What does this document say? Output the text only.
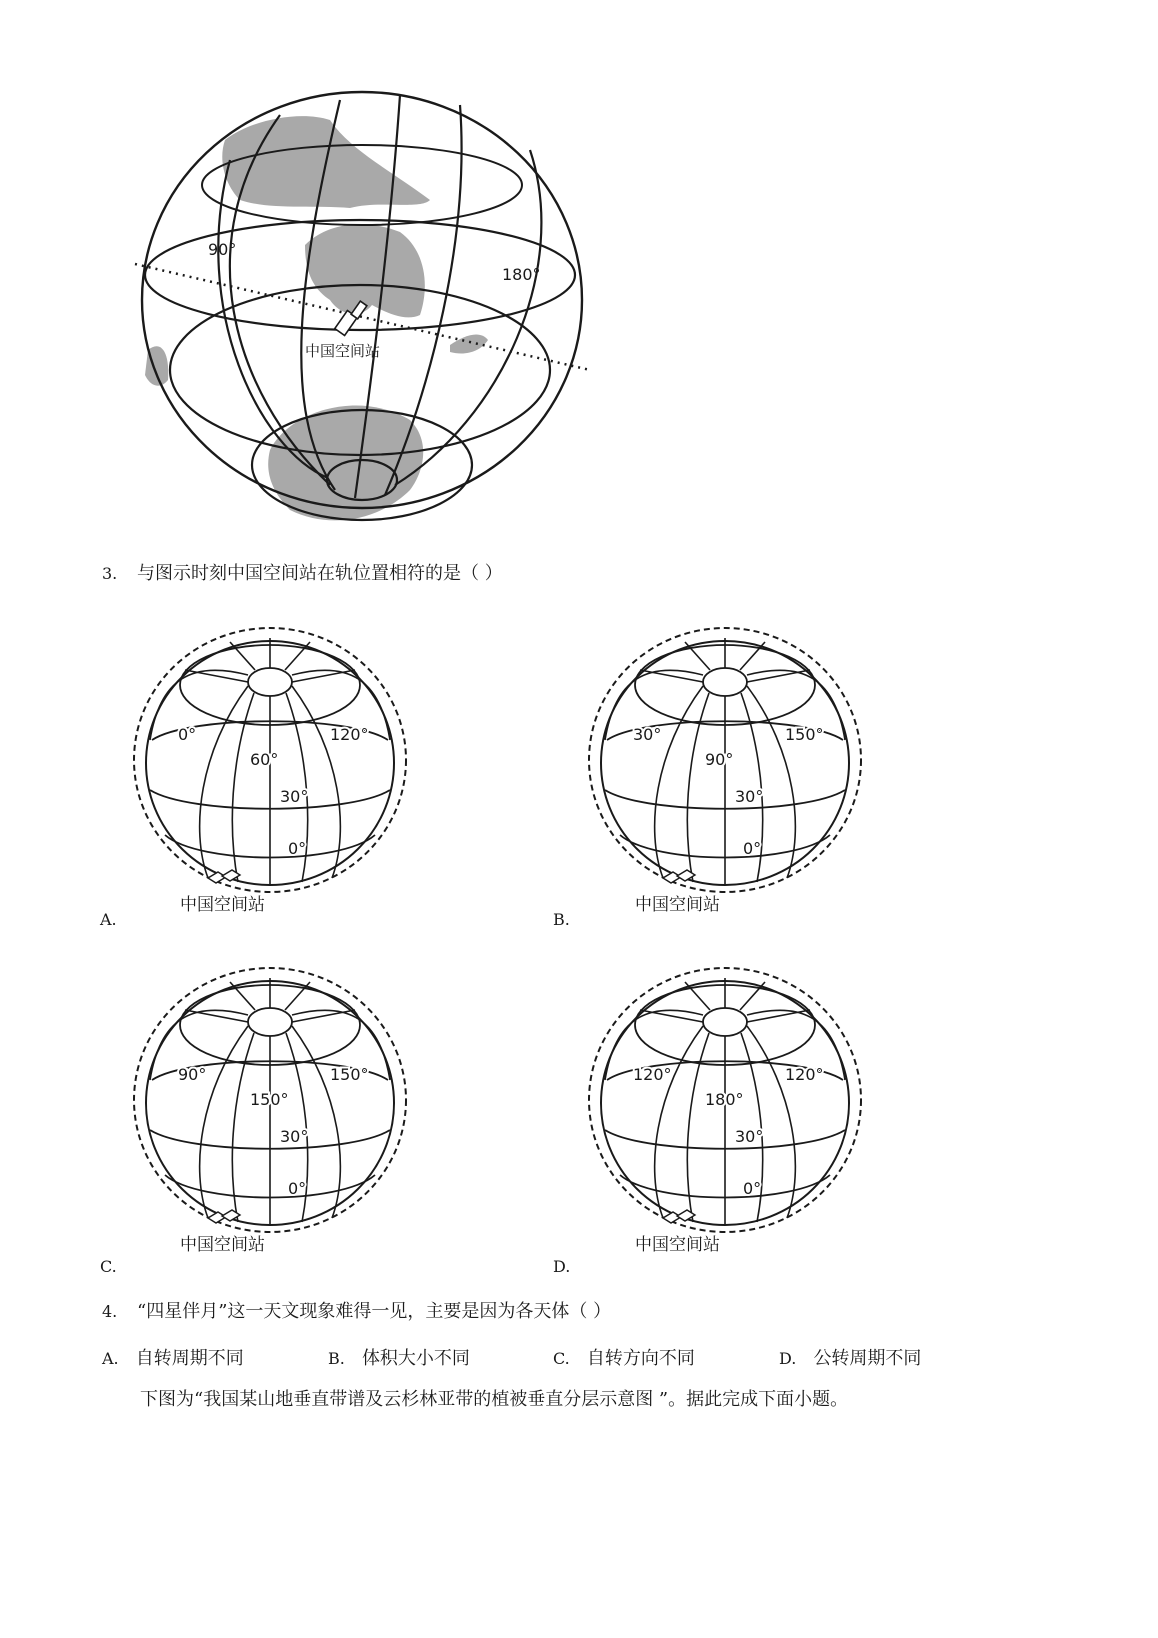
中国空间站
90°
180°
3. 与图示时刻中国空间站在轨位置相符的是（ ）
0°
60°
120°
30°
0°
中国空间站
A.
30°
90°
150°
30°
0°
中国空间站
B.
90°
150°
150°
30°
0°
中国空间站
C.
120°
180°
120°
30°
0°
中国空间站
D.
4. “四星伴月”这一天文现象难得一见，主要是因为各天体（ ）
A. 自转周期不同	B. 体积大小不同	C. 自转方向不同	D. 公转周期不同
下图为“我国某山地垂直带谱及云杉林亚带的植被垂直分层示意图 ”。据此完成下面小题。
